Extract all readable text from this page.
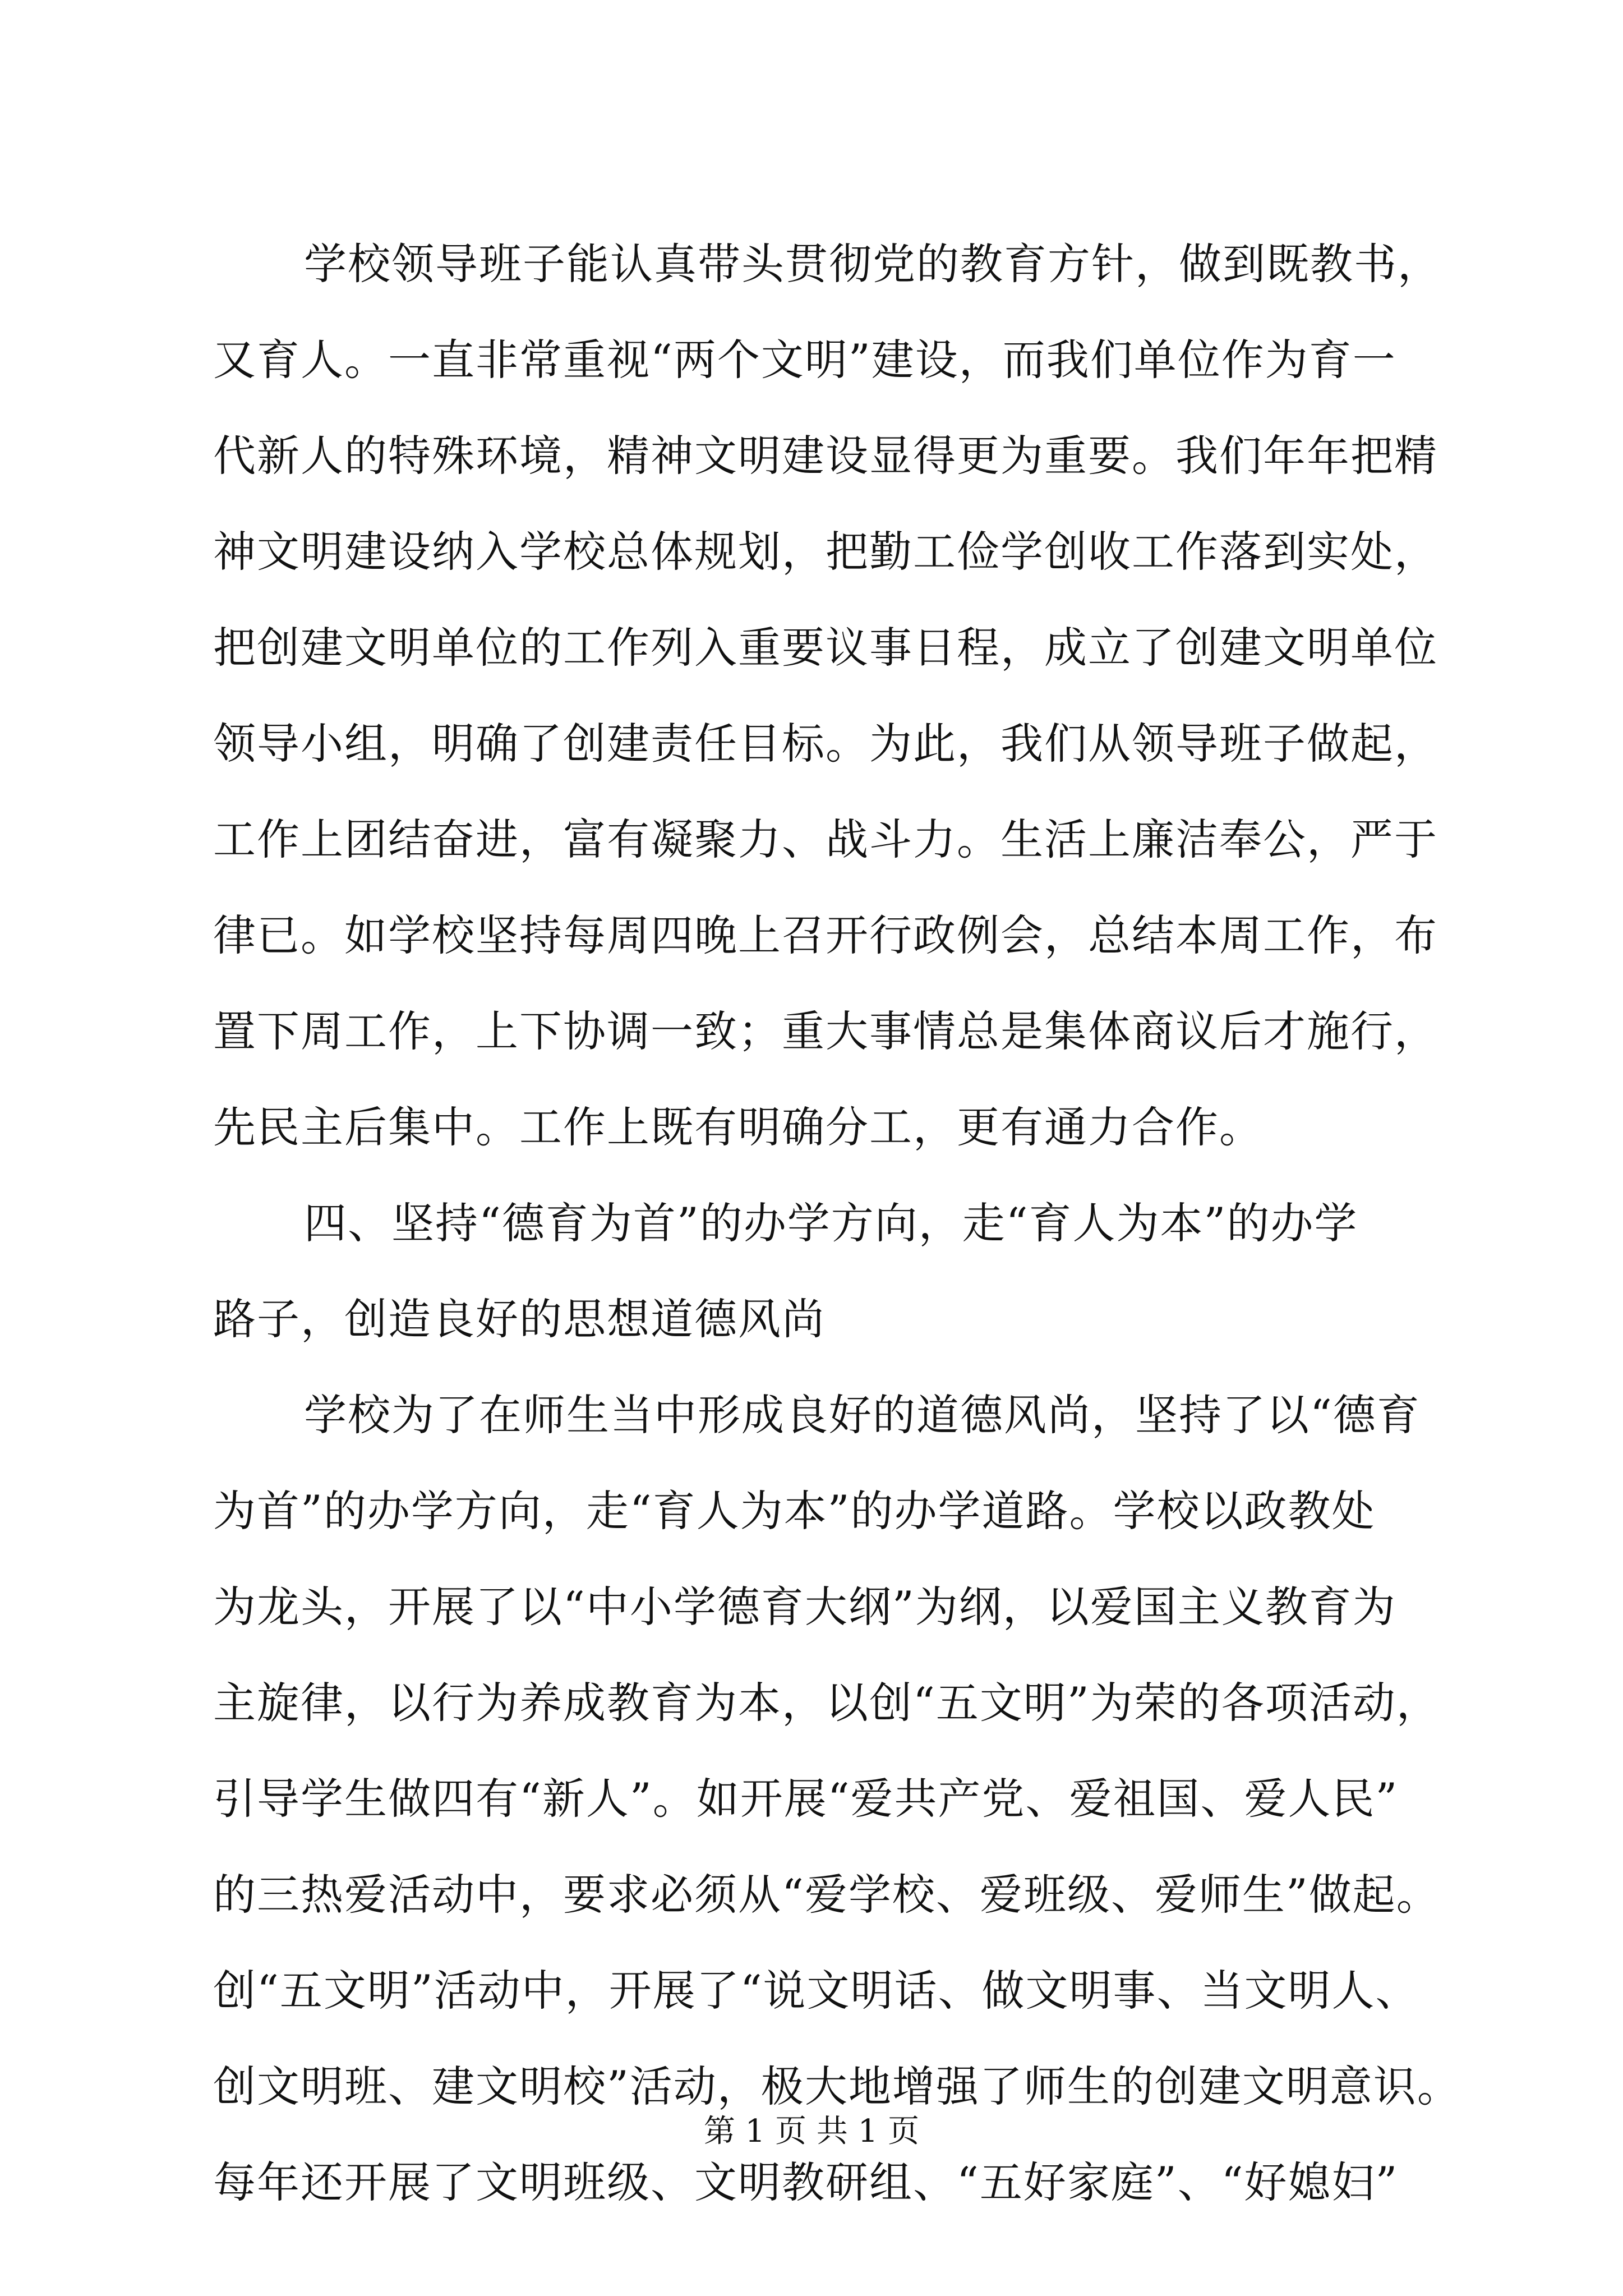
学校领导班子能认真带头贯彻党的教育方针，做到既教书，
又育人。一直非常重视“两个文明”建设，而我们单位作为育一
代新人的特殊环境，精神文明建设显得更为重要。我们年年把精
神文明建设纳入学校总体规划，把勤工俭学创收工作落到实处，
把创建文明单位的工作列入重要议事日程，成立了创建文明单位
领导小组，明确了创建责任目标。为此，我们从领导班子做起，
工作上团结奋进，富有凝聚力、战斗力。生活上廉洁奉公，严于
律已。如学校坚持每周四晚上召开行政例会，总结本周工作，布
置下周工作，上下协调一致；重大事情总是集体商议后才施行，
先民主后集中。工作上既有明确分工，更有通力合作。
四、坚持“德育为首”的办学方向，走“育人为本”的办学
路子，创造良好的思想道德风尚
学校为了在师生当中形成良好的道德风尚，坚持了以“德育
为首”的办学方向，走“育人为本”的办学道路。学校以政教处
为龙头，开展了以“中小学德育大纲”为纲，以爱国主义教育为
主旋律，以行为养成教育为本，以创“五文明”为荣的各项活动，
引导学生做四有“新人”。如开展“爱共产党、爱祖国、爱人民”
的三热爱活动中，要求必须从“爱学校、爱班级、爱师生”做起。
创“五文明”活动中，开展了“说文明话、做文明事、当文明人、
创文明班、建文明校”活动，极大地增强了师生的创建文明意识。
每年还开展了文明班级、文明教研组、“五好家庭”、“好媳妇”
第 1 页 共 1 页
